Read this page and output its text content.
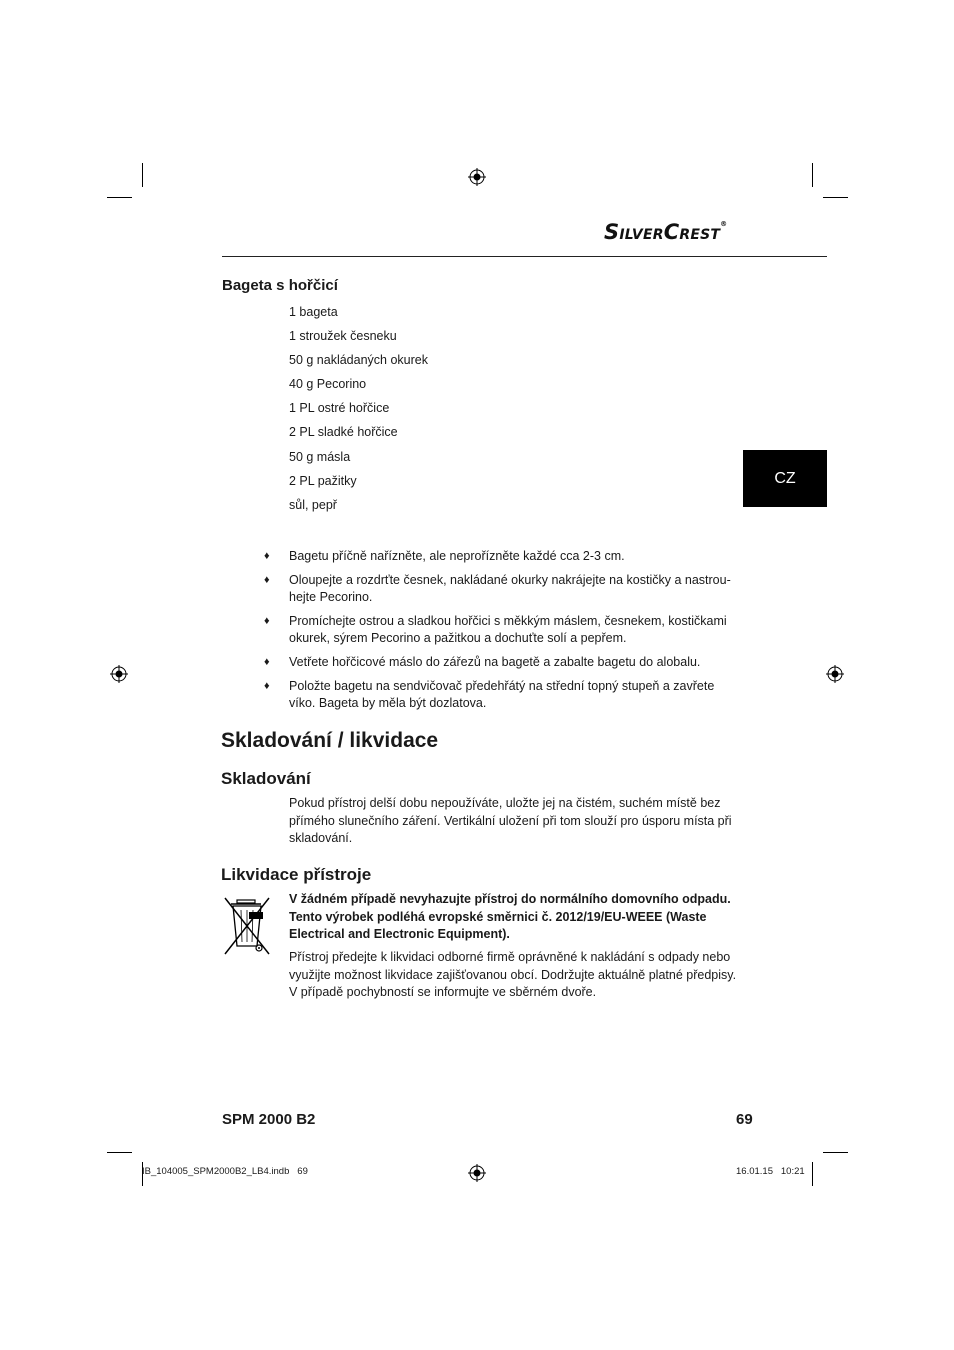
SILVERCREST®
CZ
Bageta s hořčicí
1 bageta
1 stroužek česneku
50 g nakládaných okurek
40 g Pecorino
1 PL ostré hořčice
2 PL sladké hořčice
50 g másla
2 PL pažitky
sůl, pepř
♦ Bagetu příčně nařízněte, ale neprořízněte každé cca 2-3 cm.
♦ Oloupejte a rozdrťte česnek, nakládané okurky nakrájejte na kostičky a nastrou-hejte Pecorino.
♦ Promíchejte ostrou a sladkou hořčici s měkkým máslem, česnekem, kostičkami okurek, sýrem Pecorino a pažitkou a dochuťte solí a pepřem.
♦ Vetřete hořčicové máslo do zářezů na bagetě a zabalte bagetu do alobalu.
♦ Položte bagetu na sendvičovač předehřátý na střední topný stupeň a zavřete víko. Bageta by měla být dozlatova.
Skladování / likvidace
Skladování

Pokud přístroj delší dobu nepoužíváte, uložte jej na čistém, suchém místě bez přímého slunečního záření. Vertikální uložení při tom slouží pro úsporu místa při skladování.

Likvidace přístroje

V žádném případě nevyhazujte přístroj do normálního domovního odpadu. Tento výrobek podléhá evropské směrnici č. 2012/19/EU-WEEE (Waste Electrical and Electronic Equipment).

Přístroj předejte k likvidaci odborné firmě oprávněné k nakládání s odpady nebo využijte možnost likvidace zajišťovanou obcí. Dodržujte aktuálně platné předpisy. V případě pochybností se informujte ve sběrném dvoře.

SPM 2000 B2	69
IB_104005_SPM2000B2_LB4.indb   69	16.01.15   10:21
